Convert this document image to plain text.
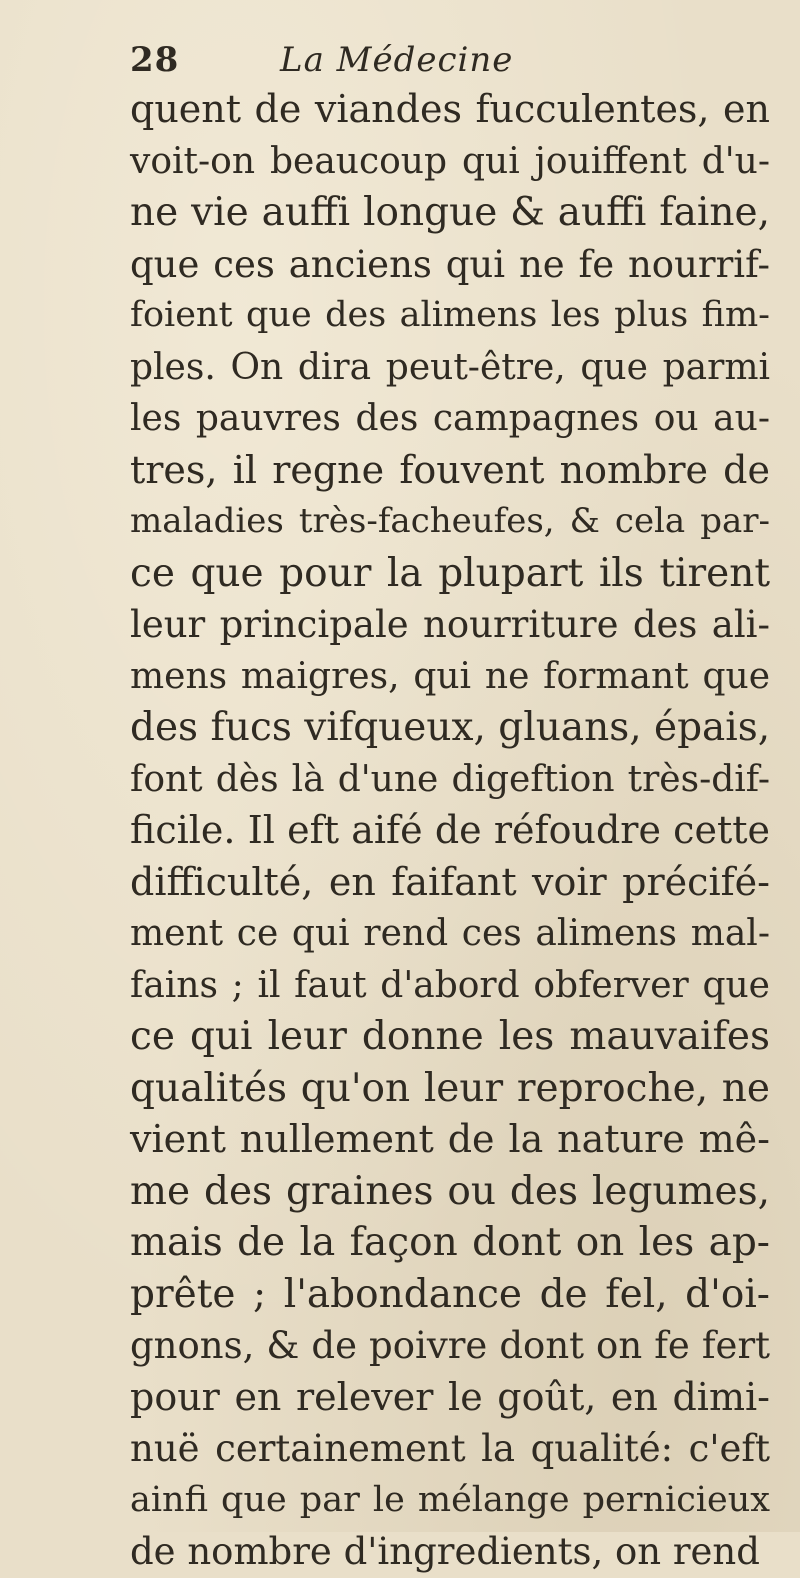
28	La Médecine
quent de viandes fucculentes, en
voit-on beaucoup qui jouiffent d'u-
ne vie auffi longue & auffi faine,
que ces anciens qui ne fe nourrif-
foient que des alimens les plus fim-
ples. On dira peut-être, que parmi
les pauvres des campagnes ou au-
tres, il regne fouvent nombre de
maladies très-facheufes, & cela par-
ce que pour la plupart ils tirent
leur principale nourriture des ali-
mens maigres, qui ne formant que
des fucs vifqueux, gluans, épais,
font dès là d'une digeftion très-dif-
ficile. Il eft aifé de réfoudre cette
difficulté, en faifant voir précifé-
ment ce qui rend ces alimens mal-
fains ; il faut d'abord obferver que
ce qui leur donne les mauvaifes
qualités qu'on leur reproche, ne
vient nullement de la nature mê-
me des graines ou des legumes,
mais de la façon dont on les ap-
prête ; l'abondance de fel, d'oi-
gnons, & de poivre dont on fe fert
pour en relever le goût, en dimi-
nuë certainement la qualité: c'eft
ainfi que par le mélange pernicieux
de nombre d'ingredients, on rend
